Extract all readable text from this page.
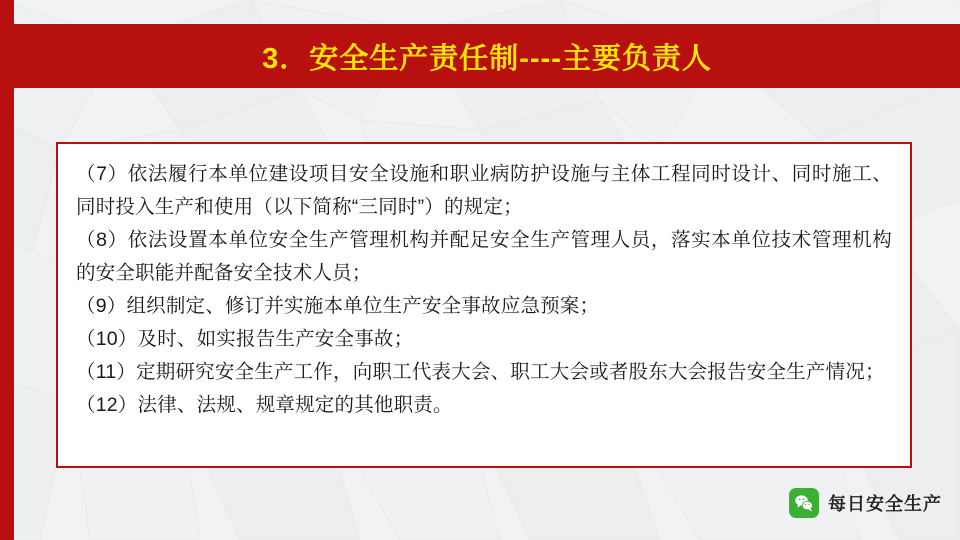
3．安全生产责任制----主要负责人

（7）依法履行本单位建设项目安全设施和职业病防护设施与主体工程同时设计、同时施工、同时投入生产和使用（以下简称“三同时”）的规定；

（8）依法设置本单位安全生产管理机构并配足安全生产管理人员，落实本单位技术管理机构的安全职能并配备安全技术人员；

（9）组织制定、修订并实施本单位生产安全事故应急预案；

（10）及时、如实报告生产安全事故；

（11）定期研究安全生产工作，向职工代表大会、职工大会或者股东大会报告安全生产情况；

（12）法律、法规、规章规定的其他职责。

每日安全生产
